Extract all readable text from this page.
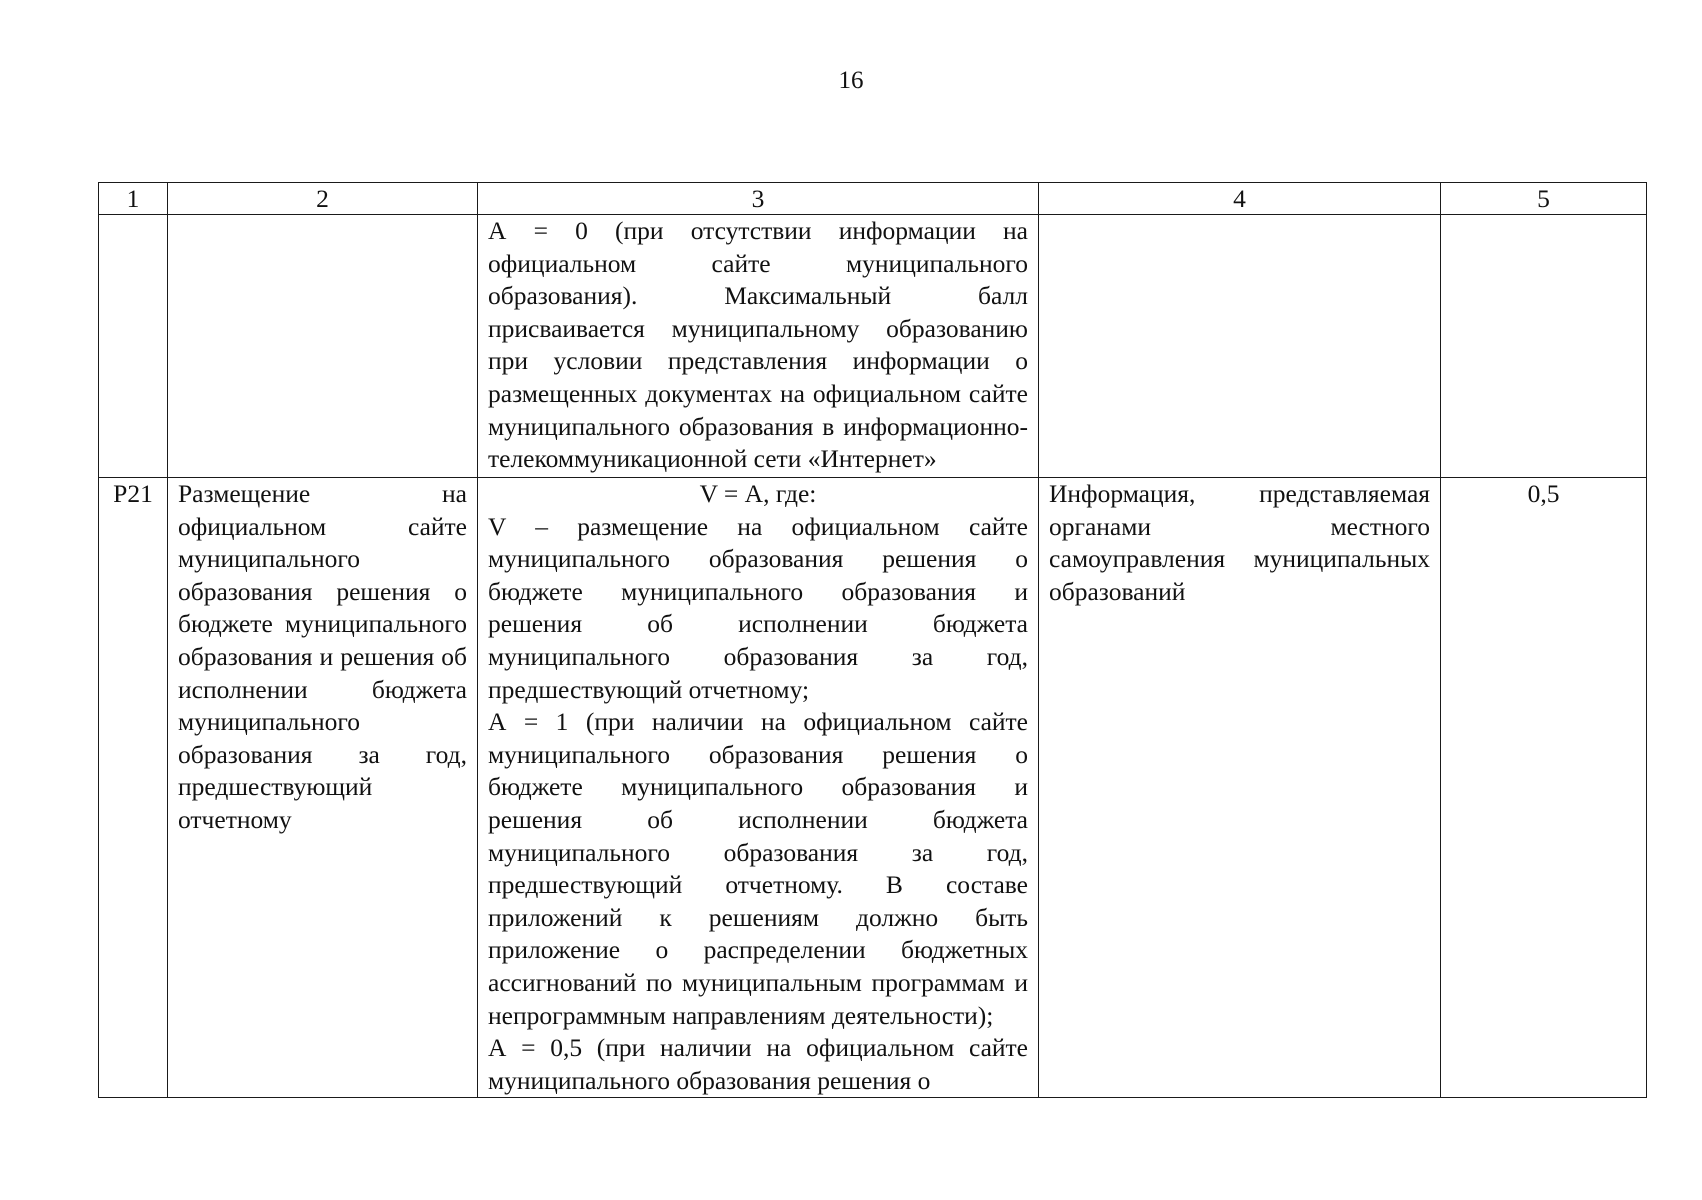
16
1	2	3	4	5
		А = 0 (при отсутствии информации на официальном сайте муниципального образования). Максимальный балл присваивается муниципальному образованию при условии представления информации о размещенных документах на официальном сайте муниципального образования в информационно-телекоммуникационной сети «Интернет»		
Р21	Размещение на официальном сайте муниципального образования решения о бюджете муниципального образования и решения об исполнении бюджета муниципального образования за год, предшествующий отчетному	V = А, где:
V – размещение на официальном сайте муниципального образования решения о бюджете муниципального образования и решения об исполнении бюджета муниципального образования за год, предшествующий отчетному;
А = 1 (при наличии на официальном сайте муниципального образования решения о бюджете муниципального образования и решения об исполнении бюджета муниципального образования за год, предшествующий отчетному. В составе приложений к решениям должно быть приложение о распределении бюджетных ассигнований по муниципальным программам и непрограммным направлениям деятельности);
А = 0,5 (при наличии на официальном сайте муниципального образования решения о	Информация, представляемая органами местного самоуправления муниципальных образований	0,5
